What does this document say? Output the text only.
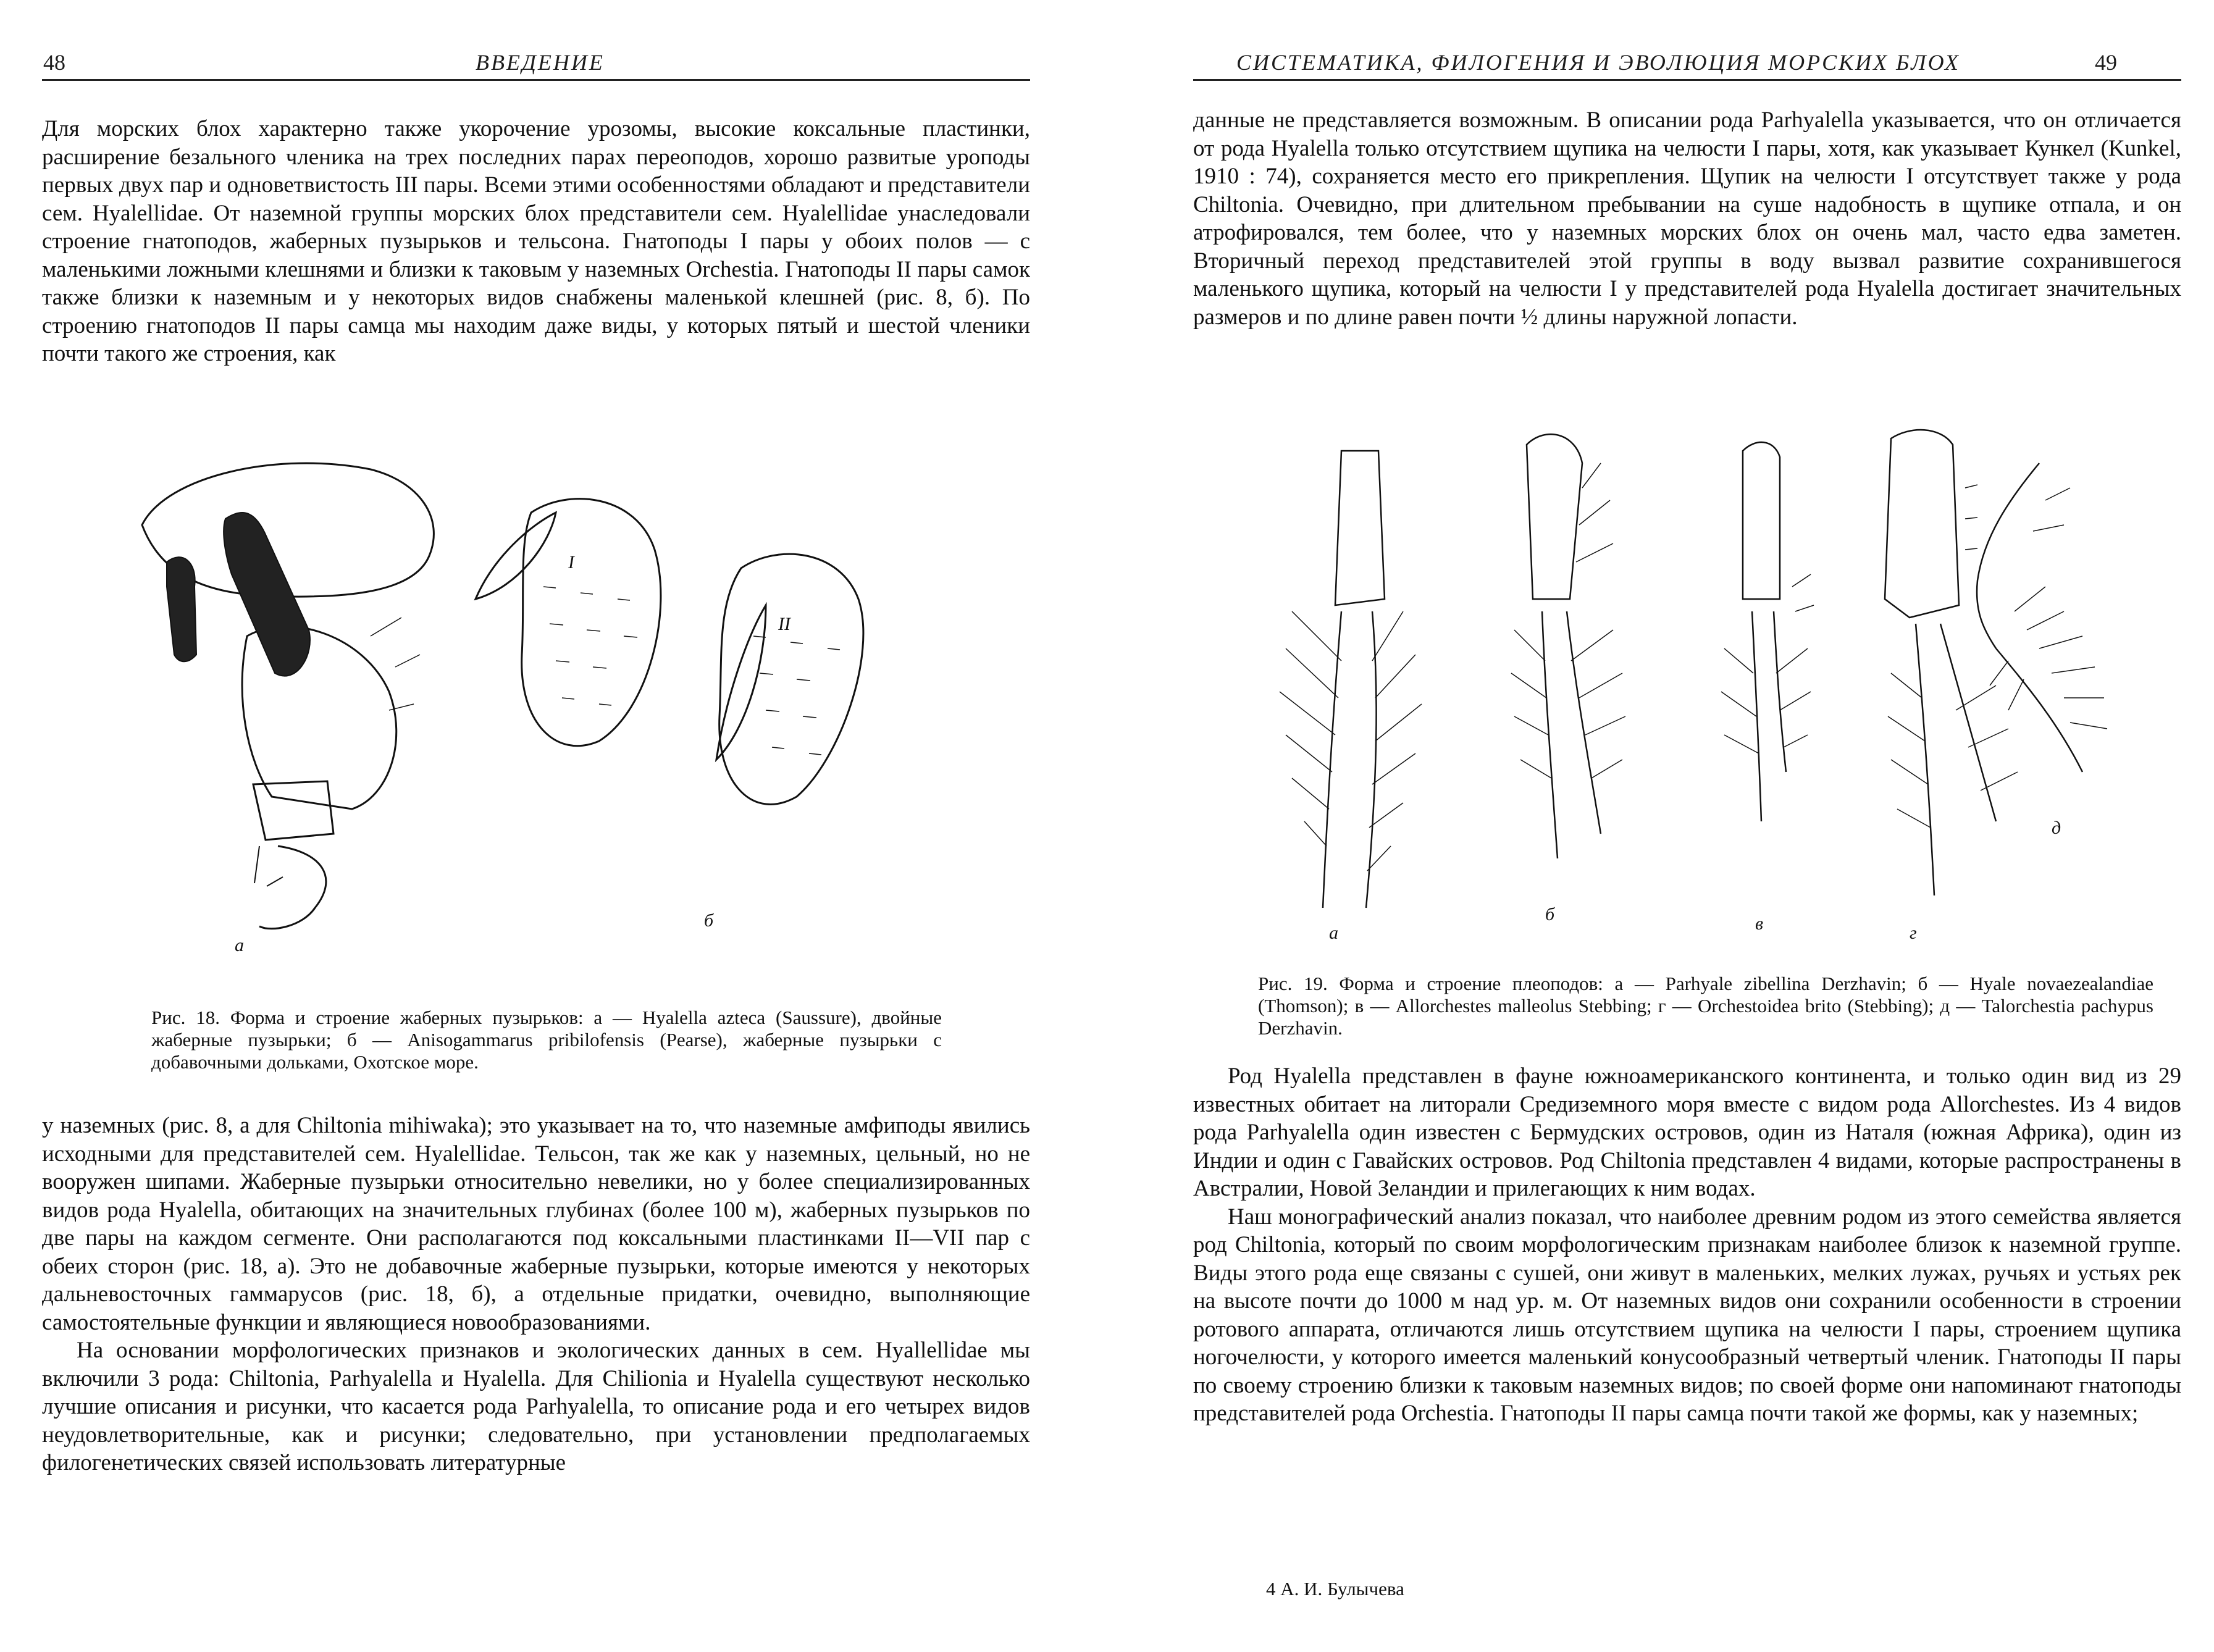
48	ВВЕДЕНИЕ

Для морских блох характерно также укорочение урозомы, высокие коксальные пластинки, расширение безального членика на трех последних парах переоподов, хорошо развитые уроподы первых двух пар и одноветвистость III пары. Всеми этими особенностями обладают и представители сем. Hyalellidae. От наземной группы морских блох представители сем. Hyalellidae унаследовали строение гнатоподов, жаберных пузырьков и тельсона. Гнатоподы I пары у обоих полов — с маленькими ложными клешнями и близки к таковым у наземных Orchestia. Гнатоподы II пары самок также близки к наземным и у некоторых видов снабжены маленькой клешней (рис. 8, б). По строению гнатоподов II пары самца мы находим даже виды, у которых пятый и шестой членики почти такого же строения, как

а
б
I
II

Рис. 18. Форма и строение жаберных пузырьков: а — Hyalella azteca (Saussure), двойные жаберные пузырьки; б — Anisogammarus pribilofensis (Pearse), жаберные пузырьки с добавочными дольками, Охотское море.

у наземных (рис. 8, а для Chiltonia mihiwaka); это указывает на то, что наземные амфиподы явились исходными для представителей сем. Hyalellidae. Тельсон, так же как у наземных, цельный, но не вооружен шипами. Жаберные пузырьки относительно невелики, но у более специализированных видов рода Hyalella, обитающих на значительных глубинах (более 100 м), жаберных пузырьков по две пары на каждом сегменте. Они располагаются под коксальными пластинками II—VII пар с обеих сторон (рис. 18, а). Это не добавочные жаберные пузырьки, которые имеются у некоторых дальневосточных гаммарусов (рис. 18, б), а отдельные придатки, очевидно, выполняющие самостоятельные функции и являющиеся новообразованиями.

На основании морфологических признаков и экологических данных в сем. Hyallellidae мы включили 3 рода: Chiltonia, Parhyalella и Hyalella. Для Chilionia и Hyalella существуют несколько лучшие описания и рисунки, что касается рода Parhyalella, то описание рода и его четырех видов неудовлетворительные, как и рисунки; следовательно, при установлении предполагаемых филогенетических связей использовать литературные

СИСТЕМАТИКА, ФИЛОГЕНИЯ И ЭВОЛЮЦИЯ МОРСКИХ БЛОХ	49

данные не представляется возможным. В описании рода Parhyalella указывается, что он отличается от рода Hyalella только отсутствием щупика на челюсти I пары, хотя, как указывает Кункел (Kunkel, 1910 : 74), сохраняется место его прикрепления. Щупик на челюсти I отсутствует также у рода Chiltonia. Очевидно, при длительном пребывании на суше надобность в щупике отпала, и он атрофировался, тем более, что у наземных морских блох он очень мал, часто едва заметен. Вторичный переход представителей этой группы в воду вызвал развитие сохранившегося маленького щупика, который на челюсти I у представителей рода Hyalella достигает значительных размеров и по длине равен почти ½ длины наружной лопасти.

а
б	в	г
д

Рис. 19. Форма и строение плеоподов: а — Parhyale zibellina Derzhavin; б — Hyale novaezealandiae (Thomson); в — Allorchestes malleolus Stebbing; г — Orchestoidea brito (Stebbing); д — Talorchestia pachypus Derzhavin.

Род Hyalella представлен в фауне южноамериканского континента, и только один вид из 29 известных обитает на литорали Средиземного моря вместе с видом рода Allorchestes. Из 4 видов рода Parhyalella один известен с Бермудских островов, один из Наталя (южная Африка), один из Индии и один с Гавайских островов. Род Chiltonia представлен 4 видами, которые распространены в Австралии, Новой Зеландии и прилегающих к ним водах.

Наш монографический анализ показал, что наиболее древним родом из этого семейства является род Chiltonia, который по своим морфологическим признакам наиболее близок к наземной группе. Виды этого рода еще связаны с сушей, они живут в маленьких, мелких лужах, ручьях и устьях рек на высоте почти до 1000 м над ур. м. От наземных видов они сохранили особенности в строении ротового аппарата, отличаются лишь отсутствием щупика на челюсти I пары, строением щупика ногочелюсти, у которого имеется маленький конусообразный четвертый членик. Гнатоподы II пары по своему строению близки к таковым наземных видов; по своей форме они напоминают гнатоподы представителей рода Orchestia. Гнатоподы II пары самца почти такой же формы, как у наземных;

4 А. И. Булычева
